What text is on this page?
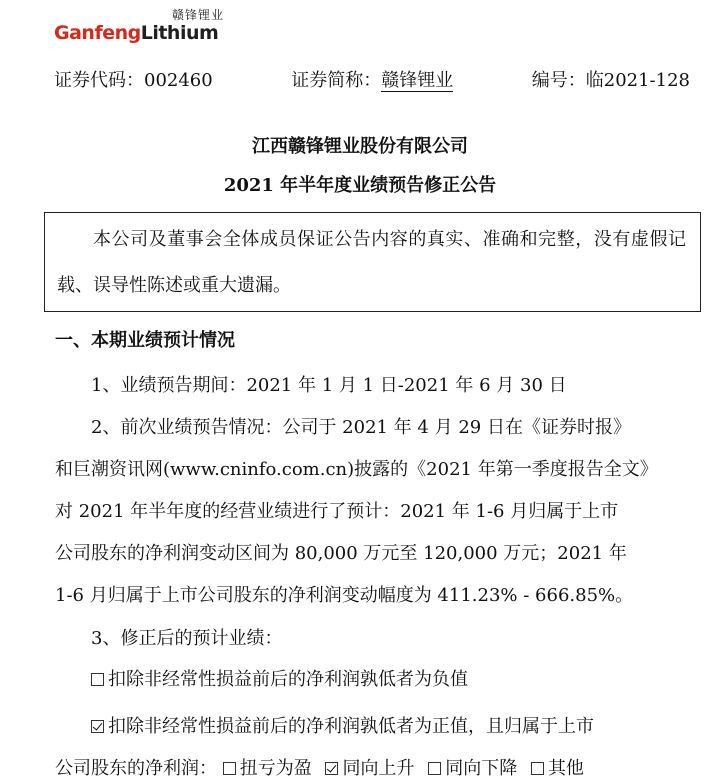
赣锋锂业
GanfengLithium
证券代码：002460	证券简称：赣锋锂业	编号：临2021-128
江西赣锋锂业股份有限公司
2021 年半年度业绩预告修正公告
本公司及董事会全体成员保证公告内容的真实、准确和完整，没有虚假记载、误导性陈述或重大遗漏。
一、本期业绩预计情况
1、业绩预告期间：2021 年 1 月 1 日-2021 年 6 月 30 日
2、前次业绩预告情况：公司于 2021 年 4 月 29 日在《证券时报》
和巨潮资讯网(www.cninfo.com.cn)披露的《2021 年第一季度报告全文》
对 2021 年半年度的经营业绩进行了预计：2021 年 1-6 月归属于上市
公司股东的净利润变动区间为 80,000 万元至 120,000 万元；2021 年
1-6 月归属于上市公司股东的净利润变动幅度为 411.23% - 666.85%。
3、修正后的预计业绩：
扣除非经常性损益前后的净利润孰低者为负值
扣除非经常性损益前后的净利润孰低者为正值，且归属于上市
公司股东的净利润： 扭亏为盈 同向上升 同向下降 其他
